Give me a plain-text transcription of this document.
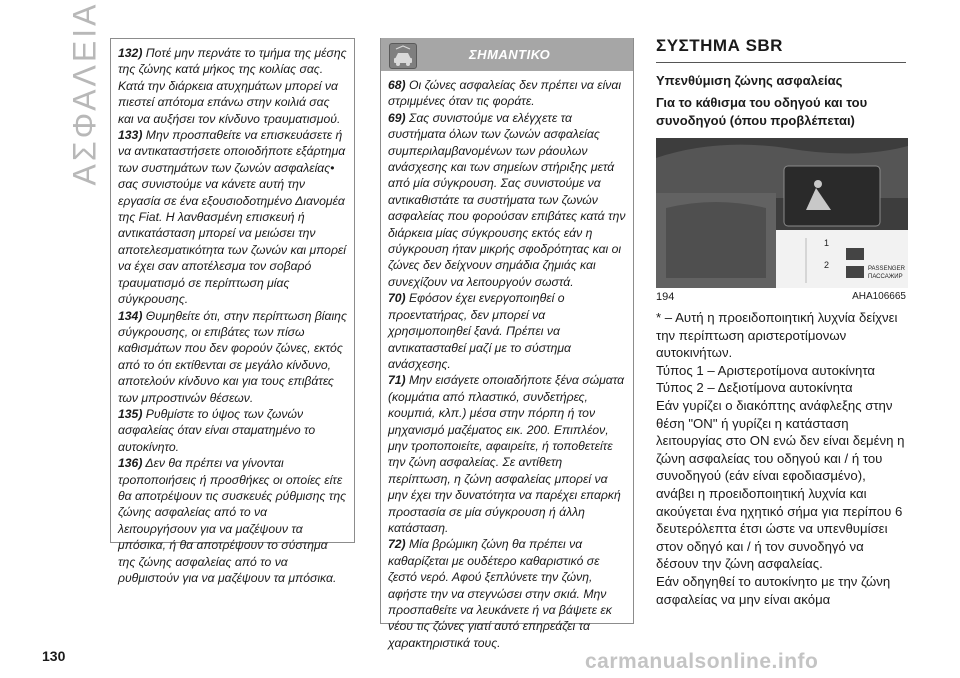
ΑΣΦΑΛΕΙΑ 132) Ποτέ μην περνάτε το τμήμα της μέσης της ζώνης κατά μήκος της κοιλίας σας. Κατά την διάρκεια ατυχημάτων μπορεί να πιεστεί απότομα επάνω στην κοιλιά σας και να αυξήσει τον κίνδυνο τραυματισμού.

133) Μην προσπαθείτε να επισκευάσετε ή να αντικαταστήσετε οποιοδήποτε εξάρτημα των συστημάτων των ζωνών ασφαλείας• σας συνιστούμε να κάνετε αυτή την εργασία σε ένα εξουσιοδοτημένο Διανομέα της Fiat. Η λανθασμένη επισκευή ή αντικατάσταση μπορεί να μειώσει την αποτελεσματικότητα των ζωνών και μπορεί να έχει σαν αποτέλεσμα τον σοβαρό τραυματισμό σε περίπτωση μίας σύγκρουσης.

134) Θυμηθείτε ότι, στην περίπτωση βίαιης σύγκρουσης, οι επιβάτες των πίσω καθισμάτων που δεν φορούν ζώνες, εκτός από το ότι εκτίθενται σε μεγάλο κίνδυνο, αποτελούν κίνδυνο και για τους επιβάτες των μπροστινών θέσεων.

135) Ρυθμίστε το ύψος των ζωνών ασφαλείας όταν είναι σταματημένο το αυτοκίνητο.

136) Δεν θα πρέπει να γίνονται τροποποιήσεις ή προσθήκες οι οποίες είτε θα αποτρέψουν τις συσκευές ρύθμισης της ζώνης ασφαλείας από το να λειτουργήσουν για να μαζέψουν τα μπόσικα, ή θα αποτρέψουν το σύστημα της ζώνης ασφαλείας από το να ρυθμιστούν για να μαζέψουν τα μπόσικα.

ΣΗΜΑΝΤΙΚΟ

68) Οι ζώνες ασφαλείας δεν πρέπει να είναι στριμμένες όταν τις φοράτε.

69) Σας συνιστούμε να ελέγχετε τα συστήματα όλων των ζωνών ασφαλείας συμπεριλαμβανομένων των ράουλων ανάσχεσης και των σημείων στήριξης μετά από μία σύγκρουση. Σας συνιστούμε να αντικαθιστάτε τα συστήματα των ζωνών ασφαλείας που φορούσαν επιβάτες κατά την διάρκεια μίας σύγκρουσης εκτός εάν η σύγκρουση ήταν μικρής σφοδρότητας και οι ζώνες δεν δείχνουν σημάδια ζημιάς και συνεχίζουν να λειτουργούν σωστά.

70) Εφόσον έχει ενεργοποιηθεί ο προεντατήρας, δεν μπορεί να χρησιμοποιηθεί ξανά. Πρέπει να αντικατασταθεί μαζί με το σύστημα ανάσχεσης.

71) Μην εισάγετε οποιαδήποτε ξένα σώματα (κομμάτια από πλαστικό, συνδετήρες, κουμπιά, κλπ.) μέσα στην πόρπη ή τον μηχανισμό μαζέματος εικ. 200. Επιπλέον, μην τροποποιείτε, αφαιρείτε, ή τοποθετείτε την ζώνη ασφαλείας. Σε αντίθετη περίπτωση, η ζώνη ασφαλείας μπορεί να μην έχει την δυνατότητα να παρέχει επαρκή προστασία σε μία σύγκρουση ή άλλη κατάσταση.

72) Μία βρώμικη ζώνη θα πρέπει να καθαρίζεται με ουδέτερο καθαριστικό σε ζεστό νερό. Αφού ξεπλύνετε την ζώνη, αφήστε την να στεγνώσει στην σκιά. Μην προσπαθείτε να λευκάνετε ή να βάψετε εκ νέου τις ζώνες γιατί αυτό επηρεάζει τα χαρακτηριστικά τους.

ΣΥΣΤΗΜΑ SBR
Υπενθύμιση ζώνης ασφαλείας
Για το κάθισμα του οδηγού και του συνοδηγού (όπου προβλέπεται)
1
2	PASSENGER
ПАССАЖИР
194	AHA106665

* – Αυτή η προειδοποιητική λυχνία δείχνει την περίπτωση αριστεροτίμονων αυτοκινήτων.
Τύπος 1 – Αριστεροτίμονα αυτοκίνητα
Τύπος 2 – Δεξιοτίμονα αυτοκίνητα
Εάν γυρίζει ο διακόπτης ανάφλεξης στην θέση "ON" ή γυρίζει η κατάσταση λειτουργίας στο ON ενώ δεν είναι δεμένη η ζώνη ασφαλείας του οδηγού και / ή του συνοδηγού (εάν είναι εφοδιασμένο), ανάβει η προειδοποιητική λυχνία και ακούγεται ένα ηχητικό σήμα για περίπου 6 δευτερόλεπτα έτσι ώστε να υπενθυμίσει στον οδηγό και / ή τον συνοδηγό να δέσουν την ζώνη ασφαλείας.
Εάν οδηγηθεί το αυτοκίνητο με την ζώνη ασφαλείας να μην είναι ακόμα

130	carmanualsonline.info
